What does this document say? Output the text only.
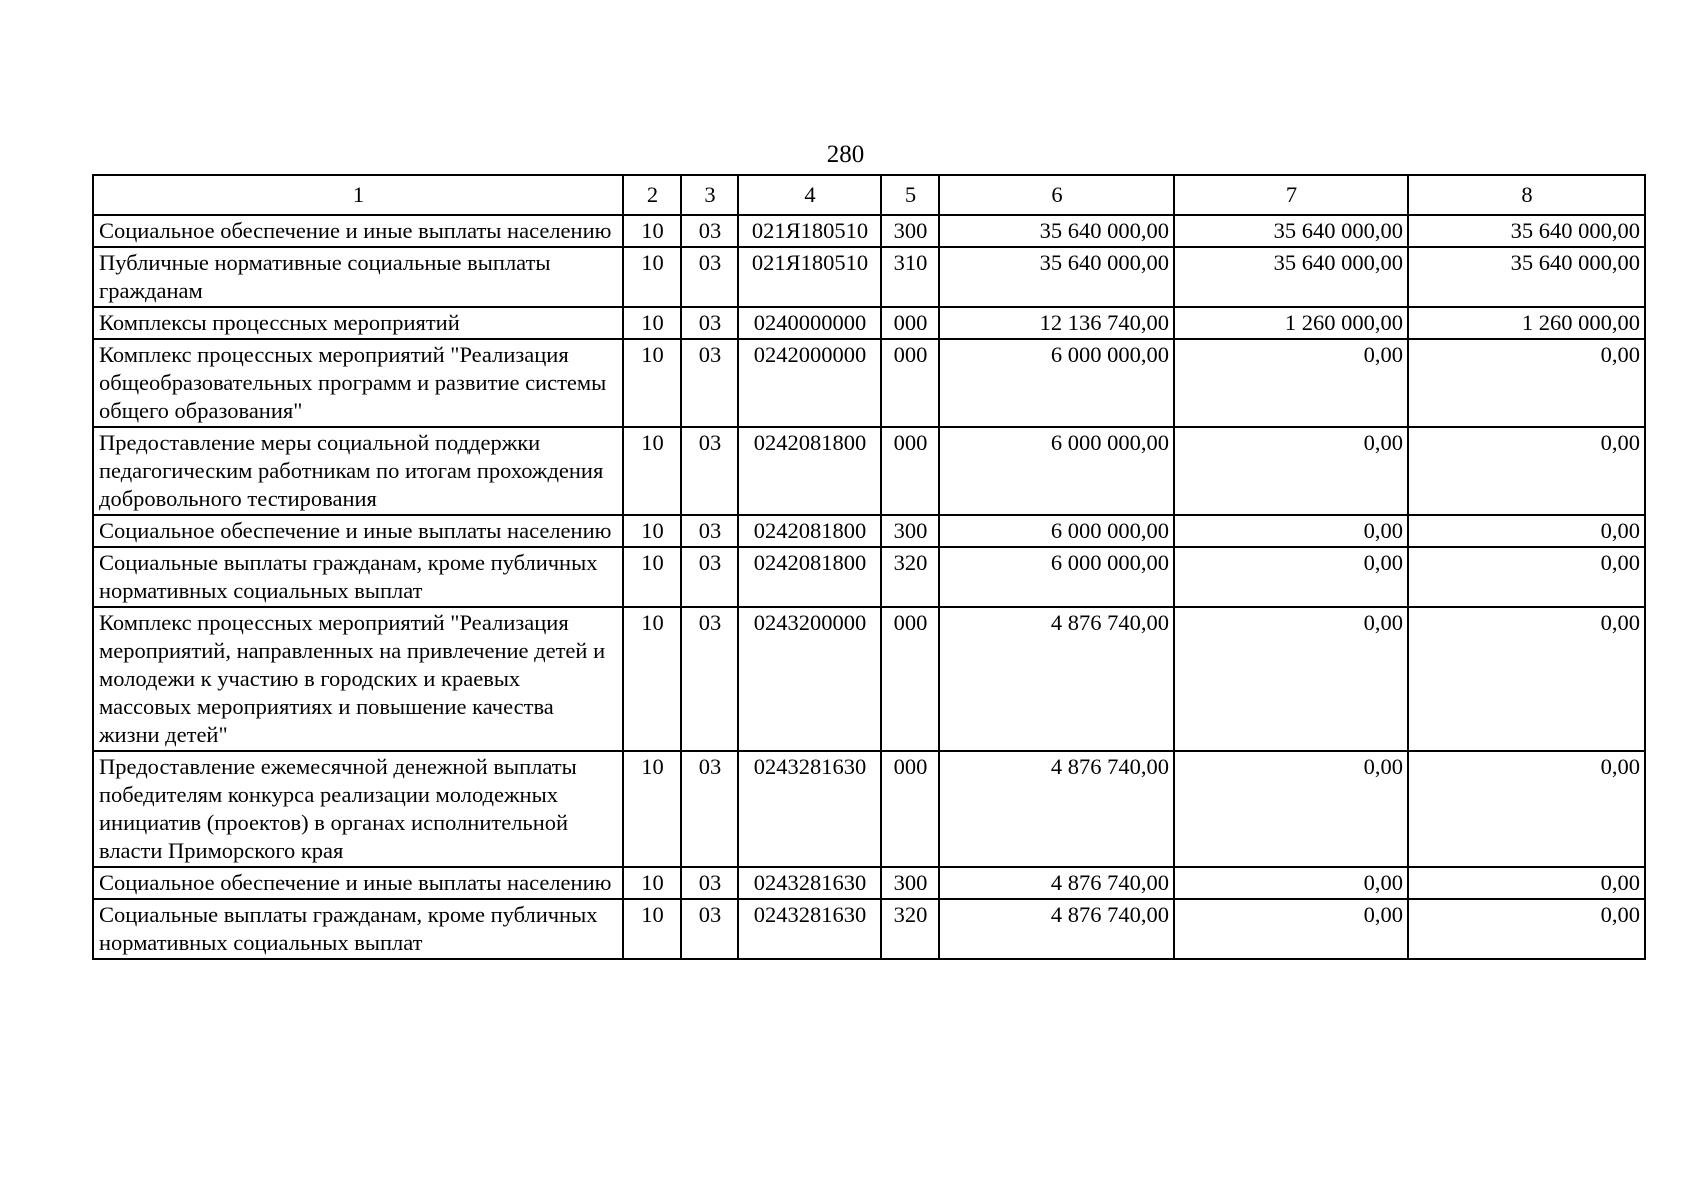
280
1	2	3	4	5	6	7	8
Социальное обеспечение и иные выплаты населению	10	03	021Я180510	300	35 640 000,00	35 640 000,00	35 640 000,00
Публичные нормативные социальные выплаты гражданам	10	03	021Я180510	310	35 640 000,00	35 640 000,00	35 640 000,00
Комплексы процессных мероприятий	10	03	0240000000	000	12 136 740,00	1 260 000,00	1 260 000,00
Комплекс процессных мероприятий "Реализация общеобразовательных программ и развитие системы общего образования"	10	03	0242000000	000	6 000 000,00	0,00	0,00
Предоставление меры социальной поддержки педагогическим работникам по итогам прохождения добровольного тестирования	10	03	0242081800	000	6 000 000,00	0,00	0,00
Социальное обеспечение и иные выплаты населению	10	03	0242081800	300	6 000 000,00	0,00	0,00
Социальные выплаты гражданам, кроме публичных нормативных социальных выплат	10	03	0242081800	320	6 000 000,00	0,00	0,00
Комплекс процессных мероприятий "Реализация мероприятий, направленных на привлечение детей и молодежи к участию в городских и краевых массовых мероприятиях и повышение качества жизни детей"	10	03	0243200000	000	4 876 740,00	0,00	0,00
Предоставление ежемесячной денежной выплаты победителям конкурса реализации молодежных инициатив (проектов) в органах исполнительной власти Приморского края	10	03	0243281630	000	4 876 740,00	0,00	0,00
Социальное обеспечение и иные выплаты населению	10	03	0243281630	300	4 876 740,00	0,00	0,00
Социальные выплаты гражданам, кроме публичных нормативных социальных выплат	10	03	0243281630	320	4 876 740,00	0,00	0,00
